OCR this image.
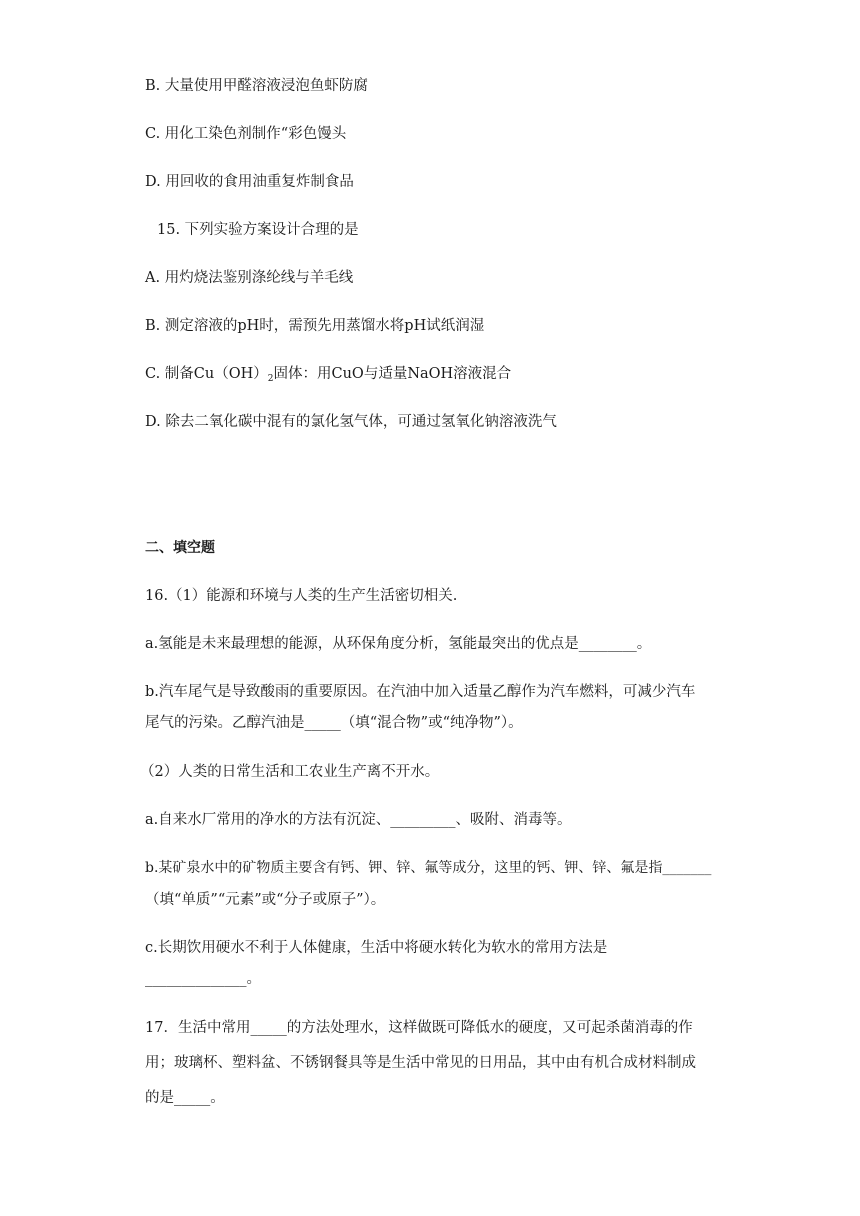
B. 大量使用甲醛溶液浸泡鱼虾防腐
C. 用化工染色剂制作“彩色馒头
D. 用回收的食用油重复炸制食品
15. 下列实验方案设计合理的是
A. 用灼烧法鉴别涤纶线与羊毛线
B. 测定溶液的pH时，需预先用蒸馏水将pH试纸润湿
C. 制备$Cu(OH)_2$固体：用CuO与适量NaOH溶液混合
D. 除去二氧化碳中混有的氯化氢气体，可通过氢氧化钠溶液洗气
二、填空题
16.（1）能源和环境与人类的生产生活密切相关.
a.氢能是未来最理想的能源，从环保角度分析，氢能最突出的优点是________。
b.汽车尾气是导致酸雨的重要原因。在汽油中加入适量乙醇作为汽车燃料，可减少汽车
尾气的污染。乙醇汽油是_____（填“混合物”或“纯净物”）。
（2）人类的日常生活和工农业生产离不开水。
a.自来水厂常用的净水的方法有沉淀、_________、吸附、消毒等。
b.某矿泉水中的矿物质主要含有钙、钾、锌、氟等成分，这里的钙、钾、锌、氟是指_______
（填“单质”“元素”或“分子或原子”）。
c.长期饮用硬水不利于人体健康，生活中将硬水转化为软水的常用方法是
______________。
17．生活中常用_____的方法处理水，这样做既可降低水的硬度，又可起杀菌消毒的作
用；玻璃杯、塑料盆、不锈钢餐具等是生活中常见的日用品，其中由有机合成材料制成
的是_____。
